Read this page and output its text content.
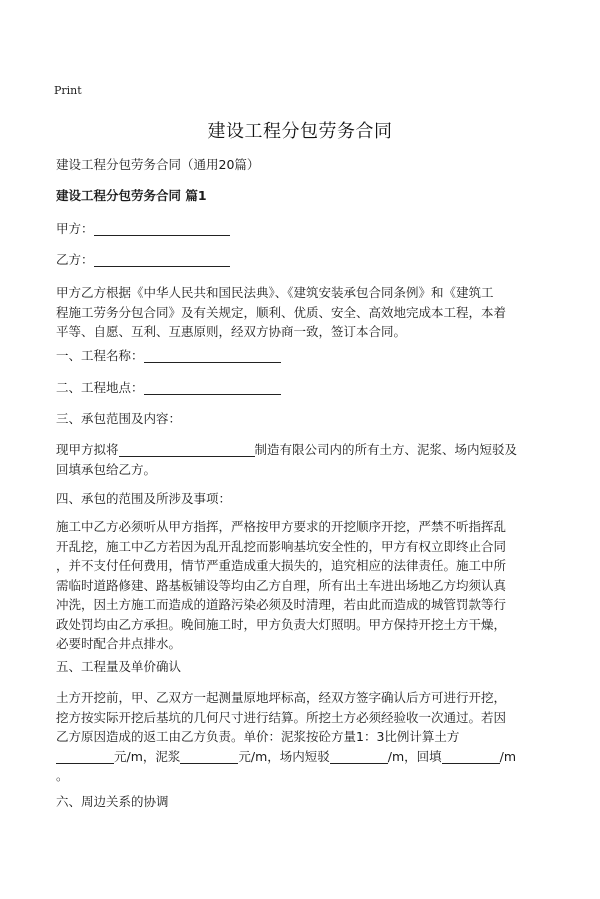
Print
建设工程分包劳务合同
建设工程分包劳务合同（通用20篇）
建设工程分包劳务合同 篇1
甲方：
乙方：
甲方乙方根据《中华人民共和国民法典》、《建筑安装承包合同条例》和《建筑工
程施工劳务分包合同》及有关规定，顺利、优质、安全、高效地完成本工程，本着
平等、自愿、互利、互惠原则，经双方协商一致，签订本合同。
一、工程名称：
二、工程地点：
三、承包范围及内容：
现甲方拟将	制造有限公司内的所有土方、泥浆、场内短驳及
回填承包给乙方。
四、承包的范围及所涉及事项：
施工中乙方必须听从甲方指挥，严格按甲方要求的开挖顺序开挖，严禁不听指挥乱
开乱挖，施工中乙方若因为乱开乱挖而影响基坑安全性的，甲方有权立即终止合同
，并不支付任何费用，情节严重造成重大损失的，追究相应的法律责任。施工中所
需临时道路修建、路基板铺设等均由乙方自理，所有出土车进出场地乙方均须认真
冲洗，因土方施工而造成的道路污染必须及时清理，若由此而造成的城管罚款等行
政处罚均由乙方承担。晚间施工时，甲方负责大灯照明。甲方保持开挖土方干燥，
必要时配合井点排水。
五、工程量及单价确认
土方开挖前，甲、乙双方一起测量原地坪标高，经双方签字确认后方可进行开挖，
挖方按实际开挖后基坑的几何尺寸进行结算。所挖土方必须经验收一次通过。若因
乙方原因造成的返工由乙方负责。单价：泥浆按砼方量1：3比例计算土方
元/m，泥浆	元/m，场内短驳	/m，回填	/m
。
六、周边关系的协调
